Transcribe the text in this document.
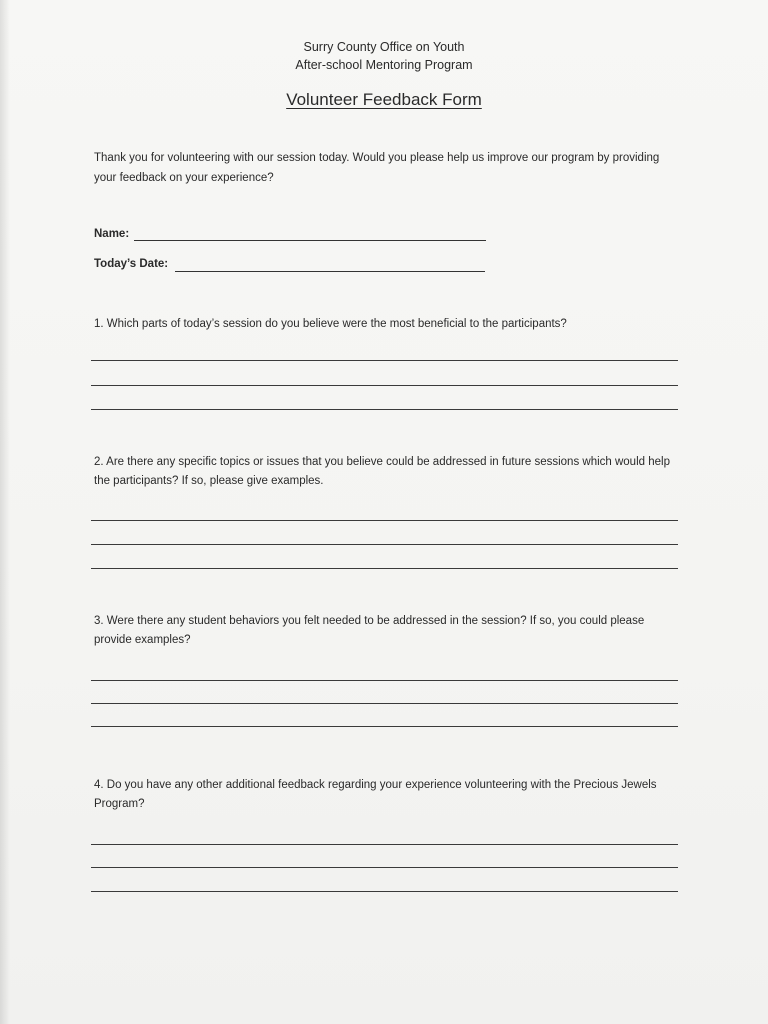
Surry County Office on Youth
After-school Mentoring Program
Volunteer Feedback Form
Thank you for volunteering with our session today. Would you please help us improve our program by providing your feedback on your experience?
Name:
Today’s Date:
1. Which parts of today’s session do you believe were the most beneficial to the participants?
2. Are there any specific topics or issues that you believe could be addressed in future sessions which would help the participants? If so, please give examples.
3. Were there any student behaviors you felt needed to be addressed in the session? If so, you could please provide examples?
4. Do you have any other additional feedback regarding your experience volunteering with the Precious Jewels Program?
